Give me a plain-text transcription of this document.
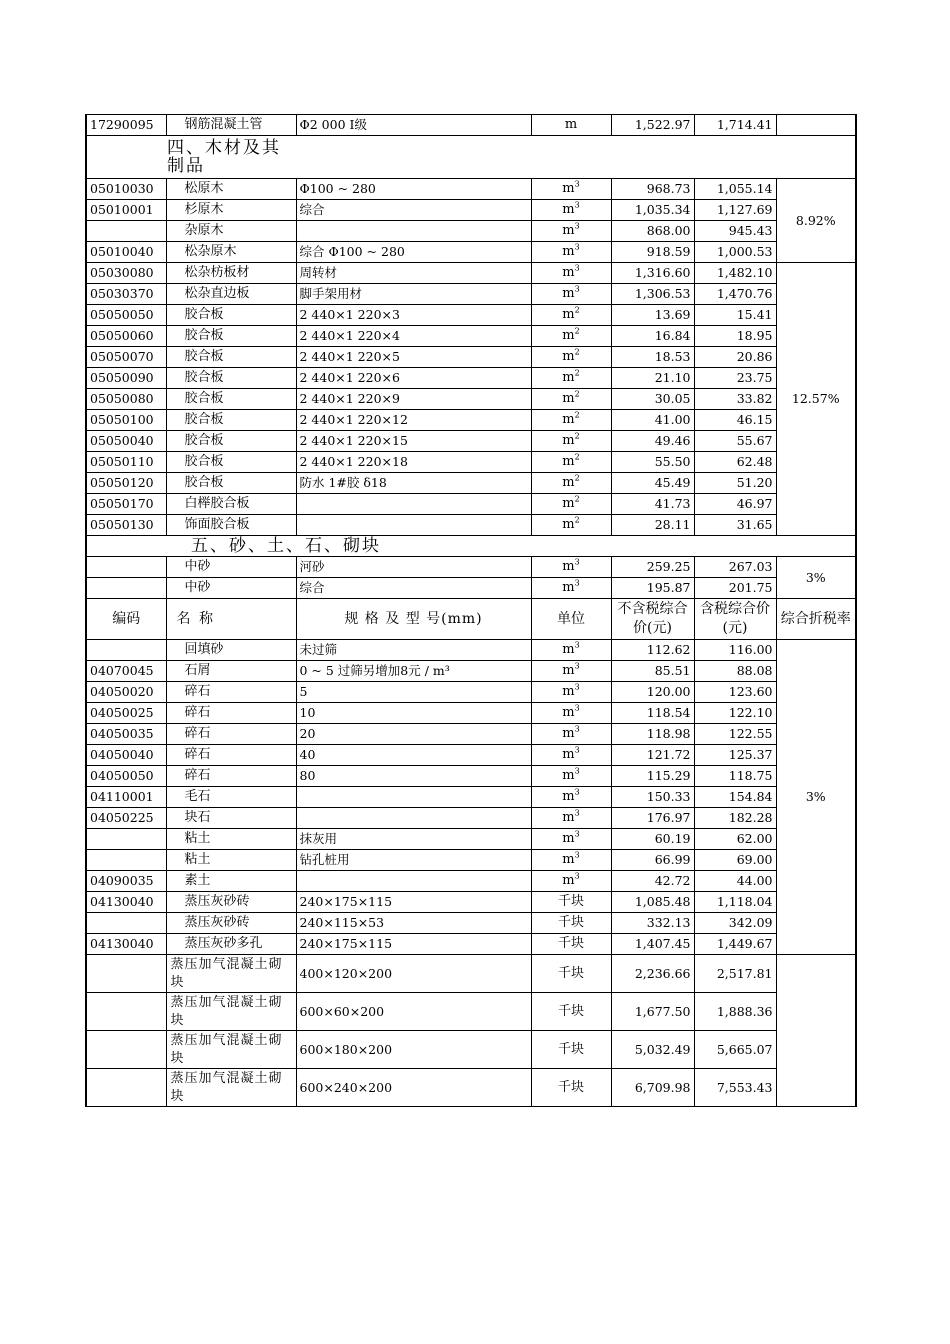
17290095	钢筋混凝土管	Φ2 000 Ⅰ级	m	1,522.97	1,714.41	
四、木材及其制品						
05010030	松原木	Φ100 ~ 280	$m^3$	968.73	1,055.14	8.92%
05010001	杉原木	综合	$m^3$	1,035.34	1,127.69	
	杂原木		$m^3$	868.00	945.43	
05010040	松杂原木	综合 Φ100 ~ 280	$m^3$	918.59	1,000.53	
05030080	松杂枋板材	周转材	$m^3$	1,316.60	1,482.10	12.57%
05030370	松杂直边板	脚手架用材	$m^3$	1,306.53	1,470.76	
05050050	胶合板	2 440×1 220×3	$m^2$	13.69	15.41	
05050060	胶合板	2 440×1 220×4	$m^2$	16.84	18.95	
05050070	胶合板	2 440×1 220×5	$m^2$	18.53	20.86	
05050090	胶合板	2 440×1 220×6	$m^2$	21.10	23.75	
05050080	胶合板	2 440×1 220×9	$m^2$	30.05	33.82	
05050100	胶合板	2 440×1 220×12	$m^2$	41.00	46.15	
05050040	胶合板	2 440×1 220×15	$m^2$	49.46	55.67	
05050110	胶合板	2 440×1 220×18	$m^2$	55.50	62.48	
05050120	胶合板	防水 1#胶 δ18	$m^2$	45.49	51.20	
05050170	白榉胶合板		$m^2$	41.73	46.97	
05050130	饰面胶合板		$m^2$	28.11	31.65	
五、砂、土、石、砌块						
	中砂	河砂	$m^3$	259.25	267.03	3%
	中砂	综合	$m^3$	195.87	201.75	
编码	名 称	规 格 及 型 号(mm)	单位	不含税综合价(元)	含税综合价(元)	综合折税率
	回填砂	未过筛	$m^3$	112.62	116.00	3%
04070045	石屑	0 ~ 5 过筛另增加8元 / m³	$m^3$	85.51	88.08	
04050020	碎石	5	$m^3$	120.00	123.60	
04050025	碎石	10	$m^3$	118.54	122.10	
04050035	碎石	20	$m^3$	118.98	122.55	
04050040	碎石	40	$m^3$	121.72	125.37	
04050050	碎石	80	$m^3$	115.29	118.75	
04110001	毛石		$m^3$	150.33	154.84	
04050225	块石		$m^3$	176.97	182.28	
	粘土	抹灰用	$m^3$	60.19	62.00	
	粘土	钻孔桩用	$m^3$	66.99	69.00	
04090035	素土		$m^3$	42.72	44.00	
04130040	蒸压灰砂砖	240×175×115	千块	1,085.48	1,118.04	
	蒸压灰砂砖	240×115×53	千块	332.13	342.09	
04130040	蒸压灰砂多孔	240×175×115	千块	1,407.45	1,449.67	
	蒸压加气混凝土砌块	400×120×200	千块	2,236.66	2,517.81	
	蒸压加气混凝土砌块	600×60×200	千块	1,677.50	1,888.36	
	蒸压加气混凝土砌块	600×180×200	千块	5,032.49	5,665.07	
	蒸压加气混凝土砌块	600×240×200	千块	6,709.98	7,553.43	
